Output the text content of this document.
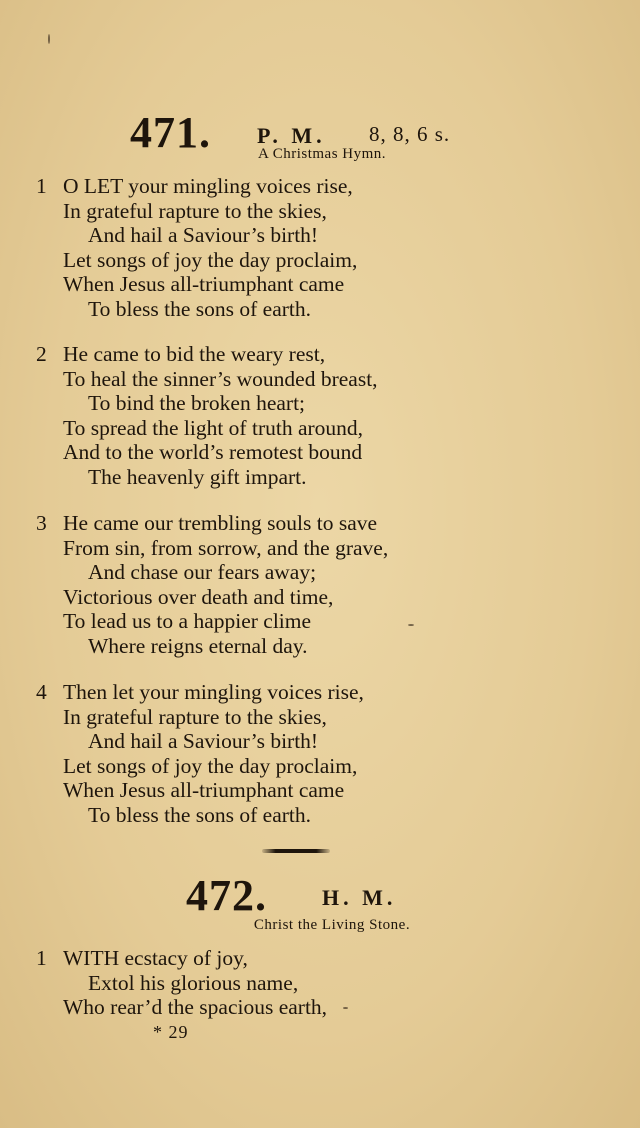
471. P. M. 8, 8, 6 s.
A Christmas Hymn.
1 O LET your mingling voices rise,
In grateful rapture to the skies,
And hail a Saviour’s birth!
Let songs of joy the day proclaim,
When Jesus all-triumphant came
To bless the sons of earth.
2 He came to bid the weary rest,
To heal the sinner’s wounded breast,
To bind the broken heart;
To spread the light of truth around,
And to the world’s remotest bound
The heavenly gift impart.
3 He came our trembling souls to save
From sin, from sorrow, and the grave,
And chase our fears away;
Victorious over death and time,
To lead us to a happier clime
Where reigns eternal day.
4 Then let your mingling voices rise,
In grateful rapture to the skies,
And hail a Saviour’s birth!
Let songs of joy the day proclaim,
When Jesus all-triumphant came
To bless the sons of earth.
472.	H. M.
Christ the Living Stone.
1 WITH ecstacy of joy,
Extol his glorious name,
Who rear’d the spacious earth,
* 29
